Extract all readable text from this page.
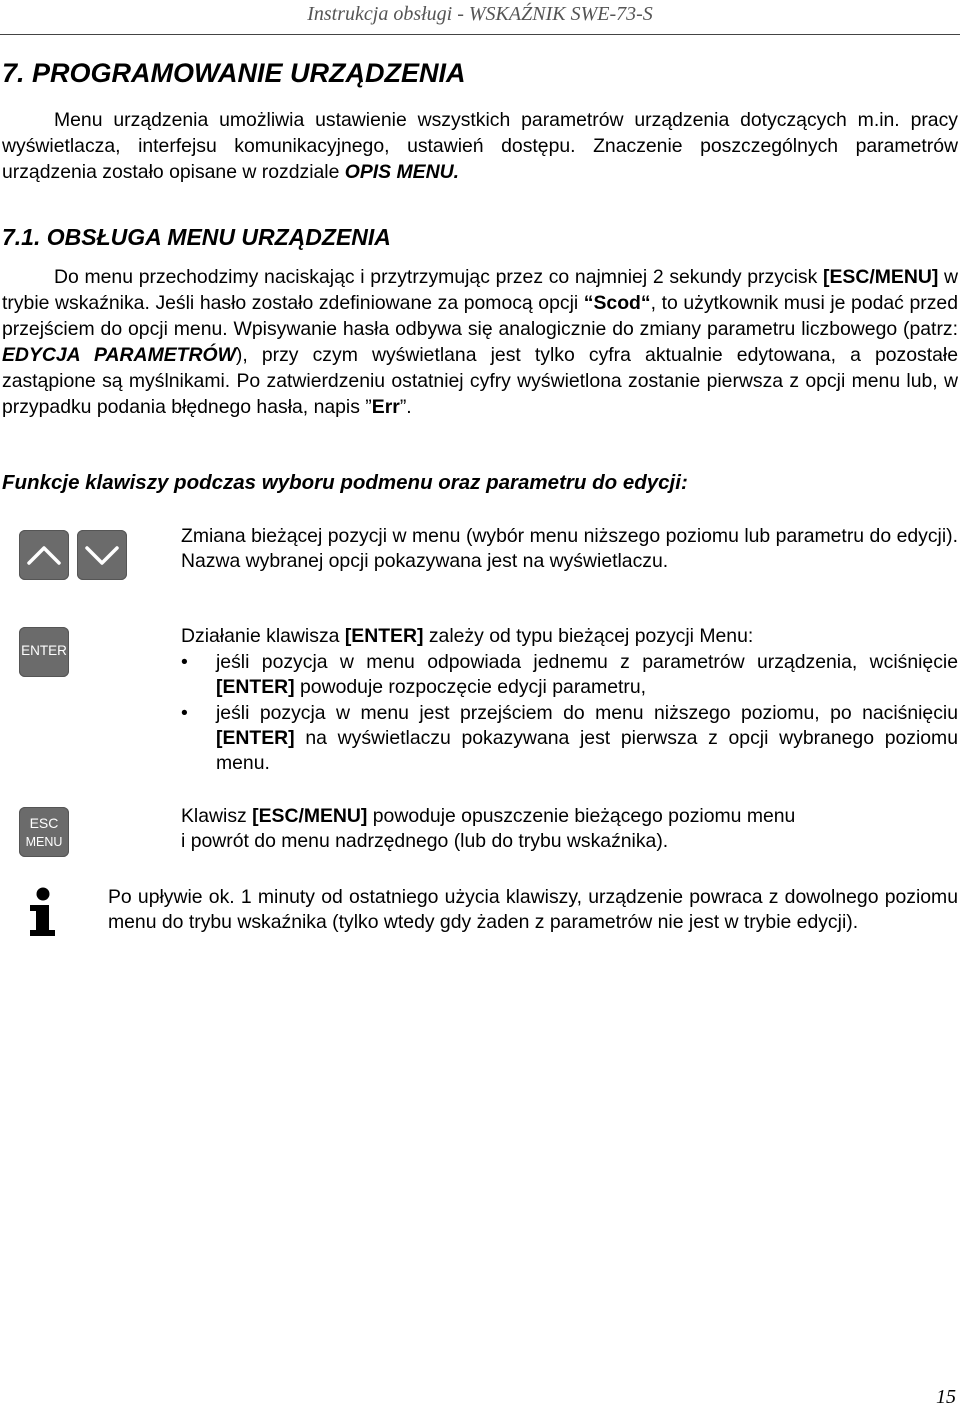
Instrukcja obsługi - WSKAŹNIK SWE-73-S
7. PROGRAMOWANIE URZĄDZENIA

Menu urządzenia umożliwia ustawienie wszystkich parametrów urządzenia dotyczących m.in. pracy wyświetlacza, interfejsu komunikacyjnego, ustawień dostępu. Znaczenie poszczególnych parametrów urządzenia zostało opisane w rozdziale OPIS MENU.

7.1. OBSŁUGA MENU URZĄDZENIA

Do menu przechodzimy naciskając i przytrzymując przez co najmniej 2 sekundy przycisk [ESC/MENU] w trybie wskaźnika. Jeśli hasło zostało zdefiniowane za pomocą opcji “Scod“, to użytkownik musi je podać przed przejściem do opcji menu. Wpisywanie hasła odbywa się analogicznie do zmiany parametru liczbowego (patrz: EDYCJA PARAMETRÓW), przy czym wyświetlana jest tylko cyfra aktualnie edytowana, a pozostałe zastąpione są myślnikami. Po zatwierdzeniu ostatniej cyfry wyświetlona zostanie pierwsza z opcji menu lub, w przypadku podania błędnego hasła, napis ”Err”.

Funkcje klawiszy podczas wyboru podmenu oraz parametru do edycji:

Zmiana bieżącej pozycji w menu (wybór menu niższego poziomu lub parametru do edycji). Nazwa wybranej opcji pokazywana jest na wyświetlaczu.

ENTER
Działanie klawisza [ENTER] zależy od typu bieżącej pozycji Menu:
• jeśli pozycja w menu odpowiada jednemu z parametrów urządzenia, wciśnięcie [ENTER] powoduje rozpoczęcie edycji parametru,
• jeśli pozycja w menu jest przejściem do menu niższego poziomu, po naciśnięciu [ENTER] na wyświetlaczu pokazywana jest pierwsza z opcji wybranego poziomu menu.
ESC
MENU
Klawisz [ESC/MENU] powoduje opuszczenie bieżącego poziomu menu
i powrót do menu nadrzędnego (lub do trybu wskaźnika).

Po upływie ok. 1 minuty od ostatniego użycia klawiszy, urządzenie powraca z dowolnego poziomu menu do trybu wskaźnika (tylko wtedy gdy żaden z parametrów nie jest w trybie edycji).

15
